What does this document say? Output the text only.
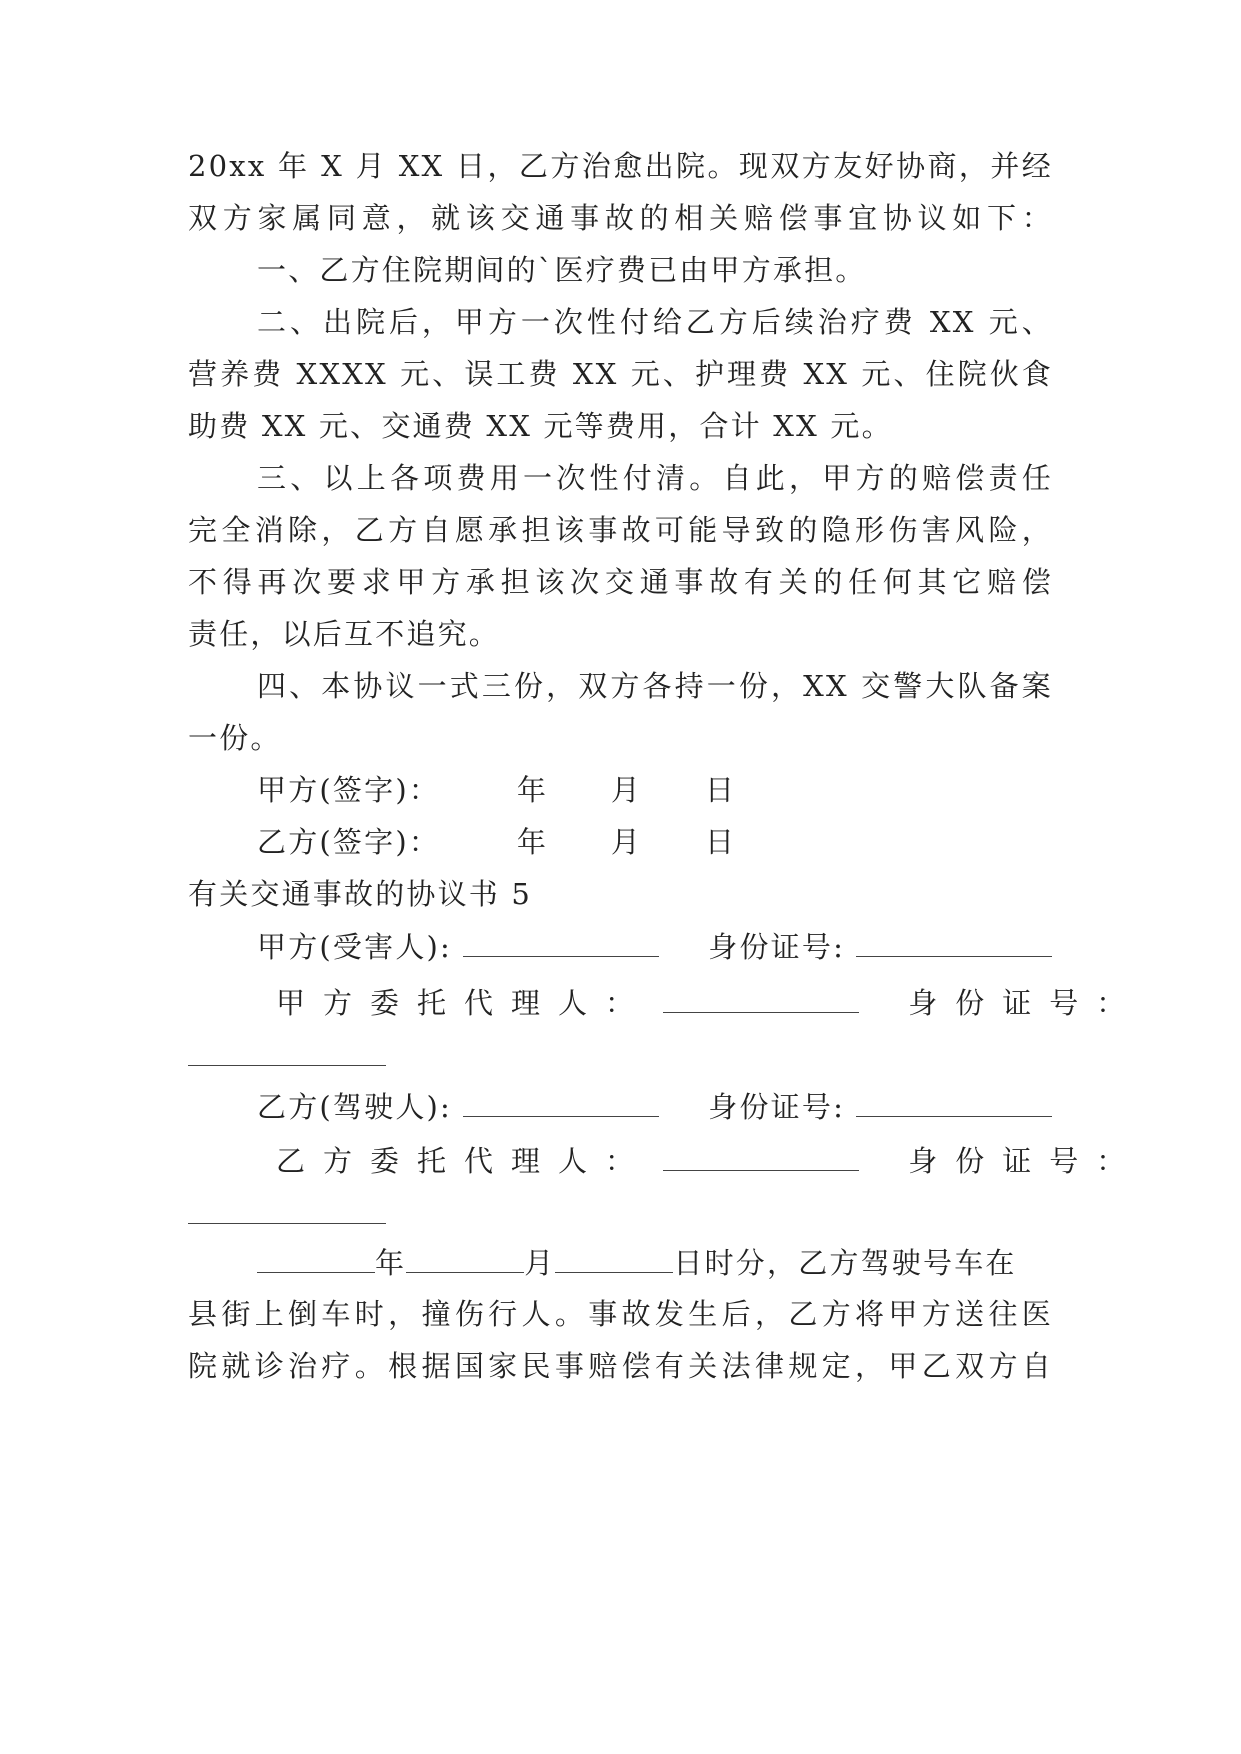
20xx 年 X 月 XX 日，乙方治愈出院。现双方友好协商，并经
双方家属同意，就该交通事故的相关赔偿事宜协议如下：
一、乙方住院期间的`医疗费已由甲方承担。
二、出院后，甲方一次性付给乙方后续治疗费 XX 元、
营养费 XXXX 元、误工费 XX 元、护理费 XX 元、住院伙食
助费 XX 元、交通费 XX 元等费用，合计 XX 元。
三、以上各项费用一次性付清。自此，甲方的赔偿责任
完全消除，乙方自愿承担该事故可能导致的隐形伤害风险，
不得再次要求甲方承担该次交通事故有关的任何其它赔偿
责任，以后互不追究。
四、本协议一式三份，双方各持一份，XX 交警大队备案
一份。
甲方(签字)：	年 月 日
乙方(签字)：	年 月 日
有关交通事故的协议书 5
甲方(受害人):	身份证号:
甲方委托代理人：	身份证号：
乙方(驾驶人):	身份证号:
乙方委托代理人：	身份证号：
年	月	日时分，乙方驾驶号车在
县街上倒车时，撞伤行人。事故发生后，乙方将甲方送往医
院就诊治疗。根据国家民事赔偿有关法律规定，甲乙双方自
